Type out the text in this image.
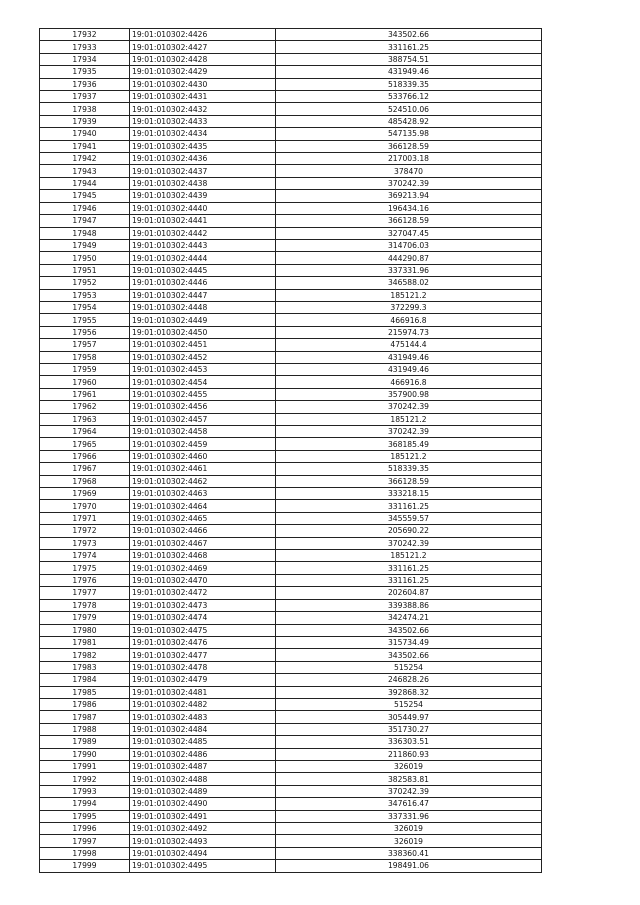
17932	19:01:010302:4426	343502.66
17933	19:01:010302:4427	331161.25
17934	19:01:010302:4428	388754.51
17935	19:01:010302:4429	431949.46
17936	19:01:010302:4430	518339.35
17937	19:01:010302:4431	533766.12
17938	19:01:010302:4432	524510.06
17939	19:01:010302:4433	485428.92
17940	19:01:010302:4434	547135.98
17941	19:01:010302:4435	366128.59
17942	19:01:010302:4436	217003.18
17943	19:01:010302:4437	378470
17944	19:01:010302:4438	370242.39
17945	19:01:010302:4439	369213.94
17946	19:01:010302:4440	196434.16
17947	19:01:010302:4441	366128.59
17948	19:01:010302:4442	327047.45
17949	19:01:010302:4443	314706.03
17950	19:01:010302:4444	444290.87
17951	19:01:010302:4445	337331.96
17952	19:01:010302:4446	346588.02
17953	19:01:010302:4447	185121.2
17954	19:01:010302:4448	372299.3
17955	19:01:010302:4449	466916.8
17956	19:01:010302:4450	215974.73
17957	19:01:010302:4451	475144.4
17958	19:01:010302:4452	431949.46
17959	19:01:010302:4453	431949.46
17960	19:01:010302:4454	466916.8
17961	19:01:010302:4455	357900.98
17962	19:01:010302:4456	370242.39
17963	19:01:010302:4457	185121.2
17964	19:01:010302:4458	370242.39
17965	19:01:010302:4459	368185.49
17966	19:01:010302:4460	185121.2
17967	19:01:010302:4461	518339.35
17968	19:01:010302:4462	366128.59
17969	19:01:010302:4463	333218.15
17970	19:01:010302:4464	331161.25
17971	19:01:010302:4465	345559.57
17972	19:01:010302:4466	205690.22
17973	19:01:010302:4467	370242.39
17974	19:01:010302:4468	185121.2
17975	19:01:010302:4469	331161.25
17976	19:01:010302:4470	331161.25
17977	19:01:010302:4472	202604.87
17978	19:01:010302:4473	339388.86
17979	19:01:010302:4474	342474.21
17980	19:01:010302:4475	343502.66
17981	19:01:010302:4476	315734.49
17982	19:01:010302:4477	343502.66
17983	19:01:010302:4478	515254
17984	19:01:010302:4479	246828.26
17985	19:01:010302:4481	392868.32
17986	19:01:010302:4482	515254
17987	19:01:010302:4483	305449.97
17988	19:01:010302:4484	351730.27
17989	19:01:010302:4485	336303.51
17990	19:01:010302:4486	211860.93
17991	19:01:010302:4487	326019
17992	19:01:010302:4488	382583.81
17993	19:01:010302:4489	370242.39
17994	19:01:010302:4490	347616.47
17995	19:01:010302:4491	337331.96
17996	19:01:010302:4492	326019
17997	19:01:010302:4493	326019
17998	19:01:010302:4494	338360.41
17999	19:01:010302:4495	198491.06
